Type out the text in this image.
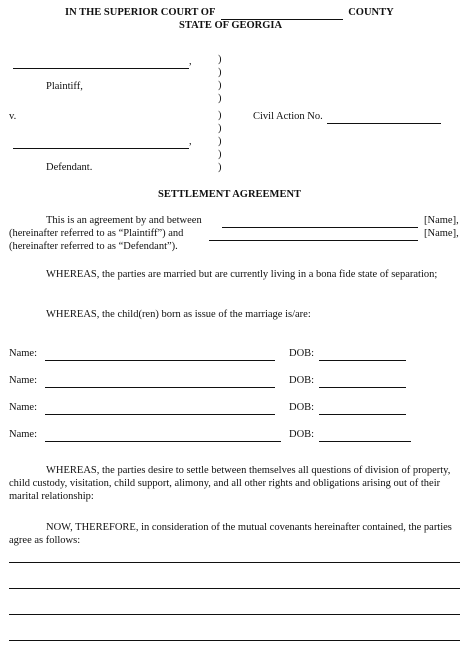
IN THE SUPERIOR COURT OF	COUNTY
STATE OF GEORGIA
,
Plaintiff,
v.
,
Defendant.
)
)
)
)
)
)
)
)
)
Civil Action No.
SETTLEMENT AGREEMENT
This is an agreement by and between
	[Name],
(hereinafter referred to as “Plaintiff”) and
	[Name],
(hereinafter referred to as “Defendant”).
WHEREAS, the parties are married but are currently living in a bona fide state of separation;
WHEREAS, the child(ren) born as issue of the marriage is/are:
Name:
	DOB:

Name:
	DOB:

Name:
	DOB:

Name:
	DOB:

WHEREAS, the parties desire to settle between themselves all questions of division of property, child custody, visitation, child support, alimony, and all other rights and obligations arising out of their marital relationship:
NOW, THEREFORE, in consideration of the mutual covenants hereinafter contained, the parties agree as follows:
